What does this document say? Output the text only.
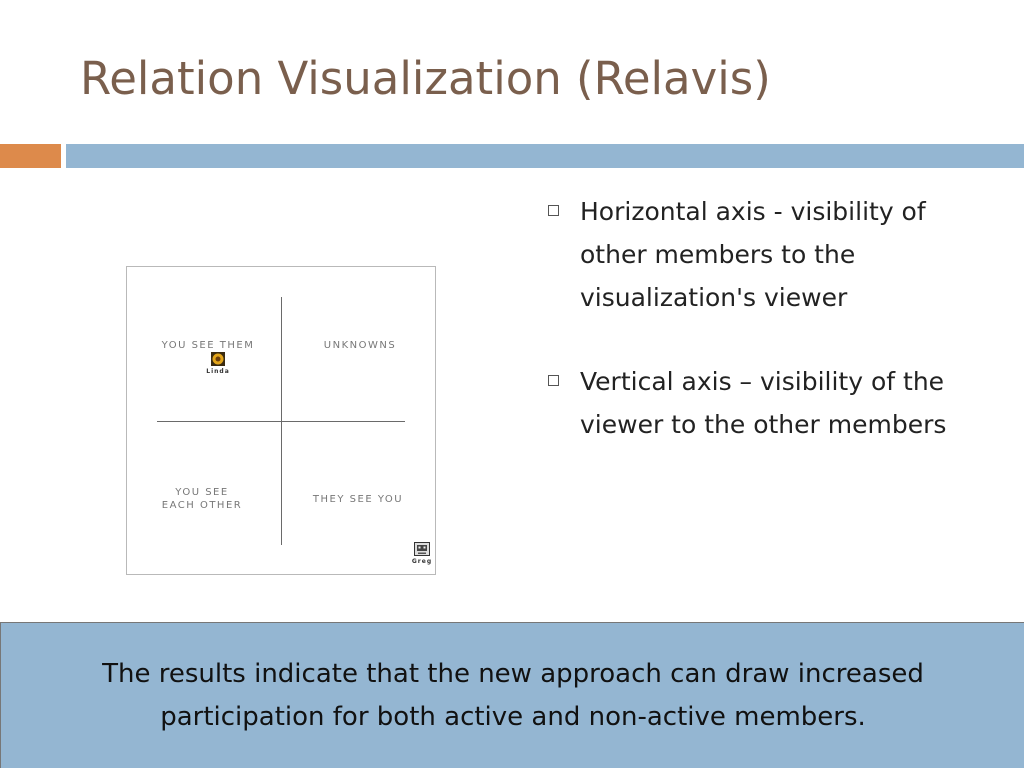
Relation Visualization (Relavis)
YOU SEE THEM	UNKNOWNS
YOU SEE
EACH OTHER
THEY SEE YOU
Linda
Greg
Horizontal axis - visibility of other members to the visualization's viewer
Vertical axis – visibility of the viewer to the other members
The results indicate that the new approach can draw increased participation for both active and non-active members.
